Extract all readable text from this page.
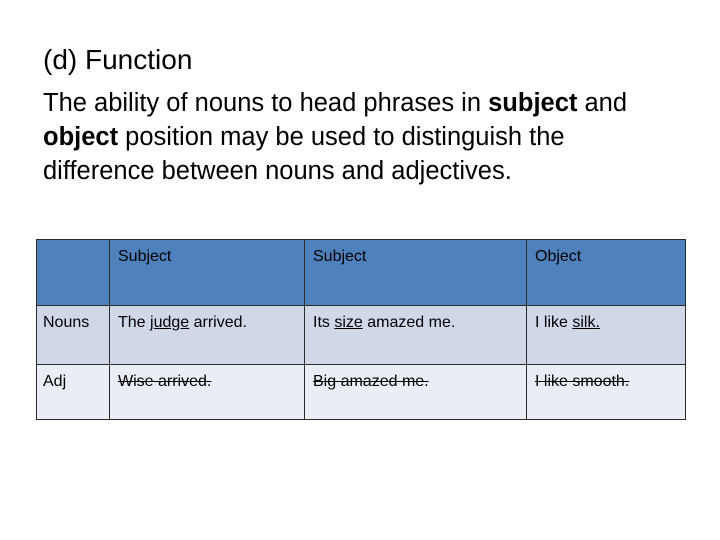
(d) Function
The ability of nouns to head phrases in subject and object position may be used to distinguish the difference between nouns and adjectives.
	Subject	Subject	Object
Nouns	The judge arrived.	Its size amazed me.	I like silk.
Adj	Wise arrived.	Big amazed me.	I like smooth.
